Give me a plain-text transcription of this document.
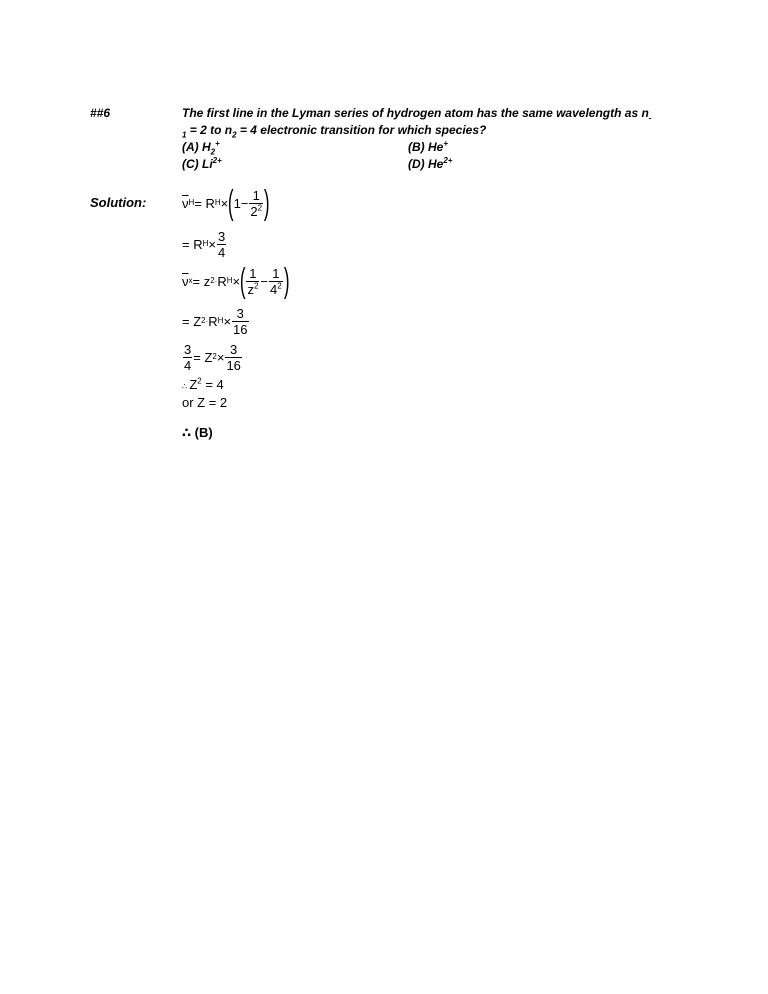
##6	The first line in the Lyman series of hydrogen atom has the same wavelength as $n_-$
$_1$ = 2 to $n_2 = 4$ electronic transition for which species?
(A) $H_2^+$	(B) He+
(C) $Li^{2+}$	(D) $He^{2+}$
Solution:	$\overline{\nu}$ H = R H × ( $1- \frac{1}{2^2}$ )
= R $H \times \frac{3}{4}$
$\overline{\nu}$ x = z 2 · R H × ( $\frac{1}{z^2} - \frac{1}{4^2}$ )
= Z 2 · R $H \times \frac{3}{16}$
$\frac{3}{4} = Z$ $2 \times \frac{3}{16}$
∴ $Z^2 = 4$
or Z = 2
∴ (B)
